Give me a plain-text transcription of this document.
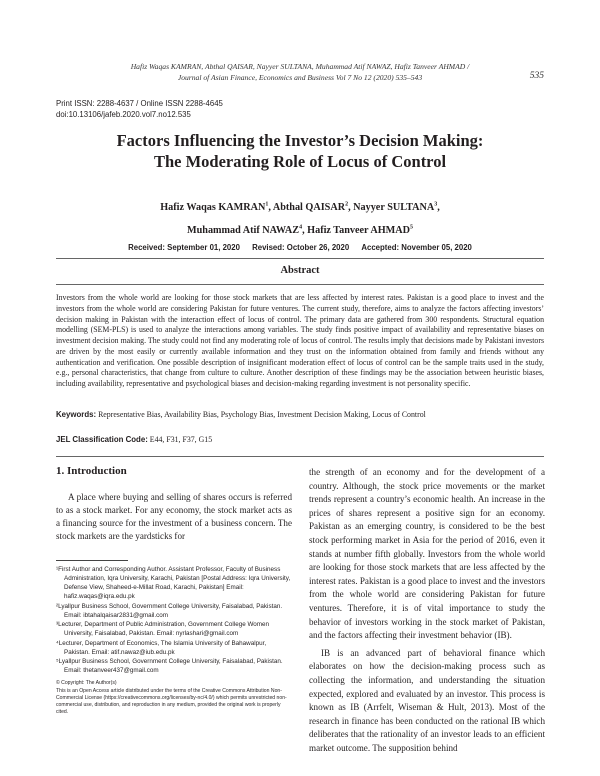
Hafiz Waqas KAMRAN, Abthal QAISAR, Nayyer SULTANA, Muhammad Atif NAWAZ, Hafiz Tanveer AHMAD /
Journal of Asian Finance, Economics and Business Vol 7 No 12 (2020) 535–543	535
Print ISSN: 2288-4637 / Online ISSN 2288-4645
doi:10.13106/jafeb.2020.vol7.no12.535
Factors Influencing the Investor’s Decision Making:
The Moderating Role of Locus of Control
Hafiz Waqas KAMRAN$^1$, Abthal QAISAR$^2$, Nayyer SULTANA$^3$,
Muhammad Atif NAWAZ$^4$, Hafiz Tanveer AHMAD$^5$
Received: September 01, 2020 Revised: October 26, 2020 Accepted: November 05, 2020
Abstract
Investors from the whole world are looking for those stock markets that are less affected by interest rates. Pakistan is a good place to invest and the investors from the whole world are considering Pakistan for future ventures. The current study, therefore, aims to analyze the factors affecting investors’ decision making in Pakistan with the interaction effect of locus of control. The primary data are gathered from 300 respondents. Structural equation modelling (SEM-PLS) is used to analyze the interactions among variables. The study finds positive impact of availability and representative biases on investment decision making. The study could not find any moderating role of locus of control. The results imply that decisions made by Pakistani investors are driven by the most easily or currently available information and they trust on the information obtained from family and friends without any authentication and verification. One possible description of insignificant moderation effect of locus of control can be the sample traits used in the study, e.g., personal characteristics, that change from culture to culture. Another description of these findings may be the association between heuristic biases, including availability, representative and psychological biases and decision-making regarding investment is not personality specific.
Keywords: Representative Bias, Availability Bias, Psychology Bias, Investment Decision Making, Locus of Control
JEL Classification Code: E44, F31, F37, G15
1. Introduction

A place where buying and selling of shares occurs is referred to as a stock market. For any economy, the stock market acts as a financing source for the investment of a business concern. The stock markets are the yardsticks for

¹First Author and Corresponding Author. Assistant Professor, Faculty of Business Administration, Iqra University, Karachi, Pakistan [Postal Address: Iqra University, Defense View, Shaheed-e-Millat Road, Karachi, Pakistan] Email: hafiz.waqas@iqra.edu.pk
²Lyallpur Business School, Government College University, Faisalabad, Pakistan. Email: ibtahalqaisar2831@gmail.com
³Lecturer, Department of Public Administration, Government College Women University, Faisalabad, Pakistan. Email: nyrlashari@gmail.com
⁴Lecturer, Department of Economics, The Islamia University of Bahawalpur, Pakistan. Email: atif.nawaz@iub.edu.pk
⁵Lyallpur Business School, Government College University, Faisalabad, Pakistan. Email: thetanveer437@gmail.com
© Copyright: The Author(s)
This is an Open Access article distributed under the terms of the Creative Commons Attribution Non-Commercial License (https://creativecommons.org/licenses/by-nc/4.0/) which permits unrestricted non-commercial use, distribution, and reproduction in any medium, provided the original work is properly cited.

the strength of an economy and for the development of a country. Although, the stock price movements or the market trends represent a country’s economic health. An increase in the prices of shares represent a positive sign for an economy. Pakistan as an emerging country, is considered to be the best stock performing market in Asia for the period of 2016, even it stands at number fifth globally. Investors from the whole world are looking for those stock markets that are less affected by the interest rates. Pakistan is a good place to invest and the investors from the whole world are considering Pakistan for future ventures. Therefore, it is of vital importance to study the behavior of investors working in the stock market of Pakistan, and the factors affecting their investment behavior (IB).

IB is an advanced part of behavioral finance which elaborates on how the decision-making process such as collecting the information, and understanding the situation expected, explored and evaluated by an investor. This process is known as IB (Arrfelt, Wiseman & Hult, 2013). Most of the research in finance has been conducted on the rational IB which deliberates that the rationality of an investor leads to an efficient market outcome. The supposition behind
